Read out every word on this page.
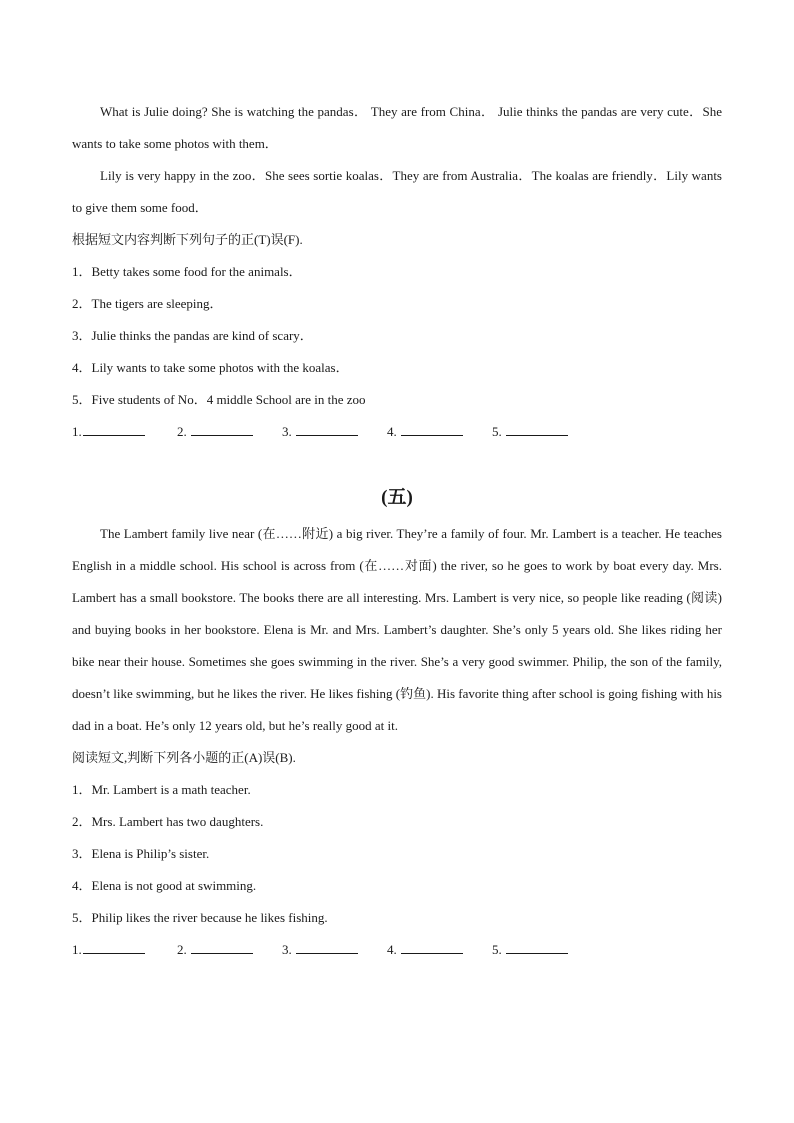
What is Julie doing? She is watching the pandas． They are from China． Julie thinks the pandas are very cute．She wants to take some photos with them．

Lily is very happy in the zoo．She sees sortie koalas．They are from Australia．The koalas are friendly．Lily wants to give them some food．

根据短文内容判断下列句子的正(T)误(F).

1．Betty takes some food for the animals．

2．The tigers are sleeping．

3．Julie thinks the pandas are kind of scary．

4．Lily wants to take some photos with the koalas．

5．Five students of No．4 middle School are in the zoo

1.	2.	3.	4.	5.
(五)

The Lambert family live near (在……附近) a big river. They’re a family of four. Mr. Lambert is a teacher. He teaches English in a middle school. His school is across from (在……对面) the river, so he goes to work by boat every day. Mrs. Lambert has a small bookstore. The books there are all interesting. Mrs. Lambert is very nice, so people like reading (阅读) and buying books in her bookstore. Elena is Mr. and Mrs. Lambert’s daughter. She’s only 5 years old. She likes riding her bike near their house. Sometimes she goes swimming in the river. She’s a very good swimmer. Philip, the son of the family, doesn’t like swimming, but he likes the river. He likes fishing (钓鱼). His favorite thing after school is going fishing with his dad in a boat. He’s only 12 years old, but he’s really good at it.

阅读短文,判断下列各小题的正(A)误(B).

1．Mr. Lambert is a math teacher.

2．Mrs. Lambert has two daughters.

3．Elena is Philip’s sister.

4．Elena is not good at swimming.

5．Philip likes the river because he likes fishing.

1.	2.	3.	4.	5.
